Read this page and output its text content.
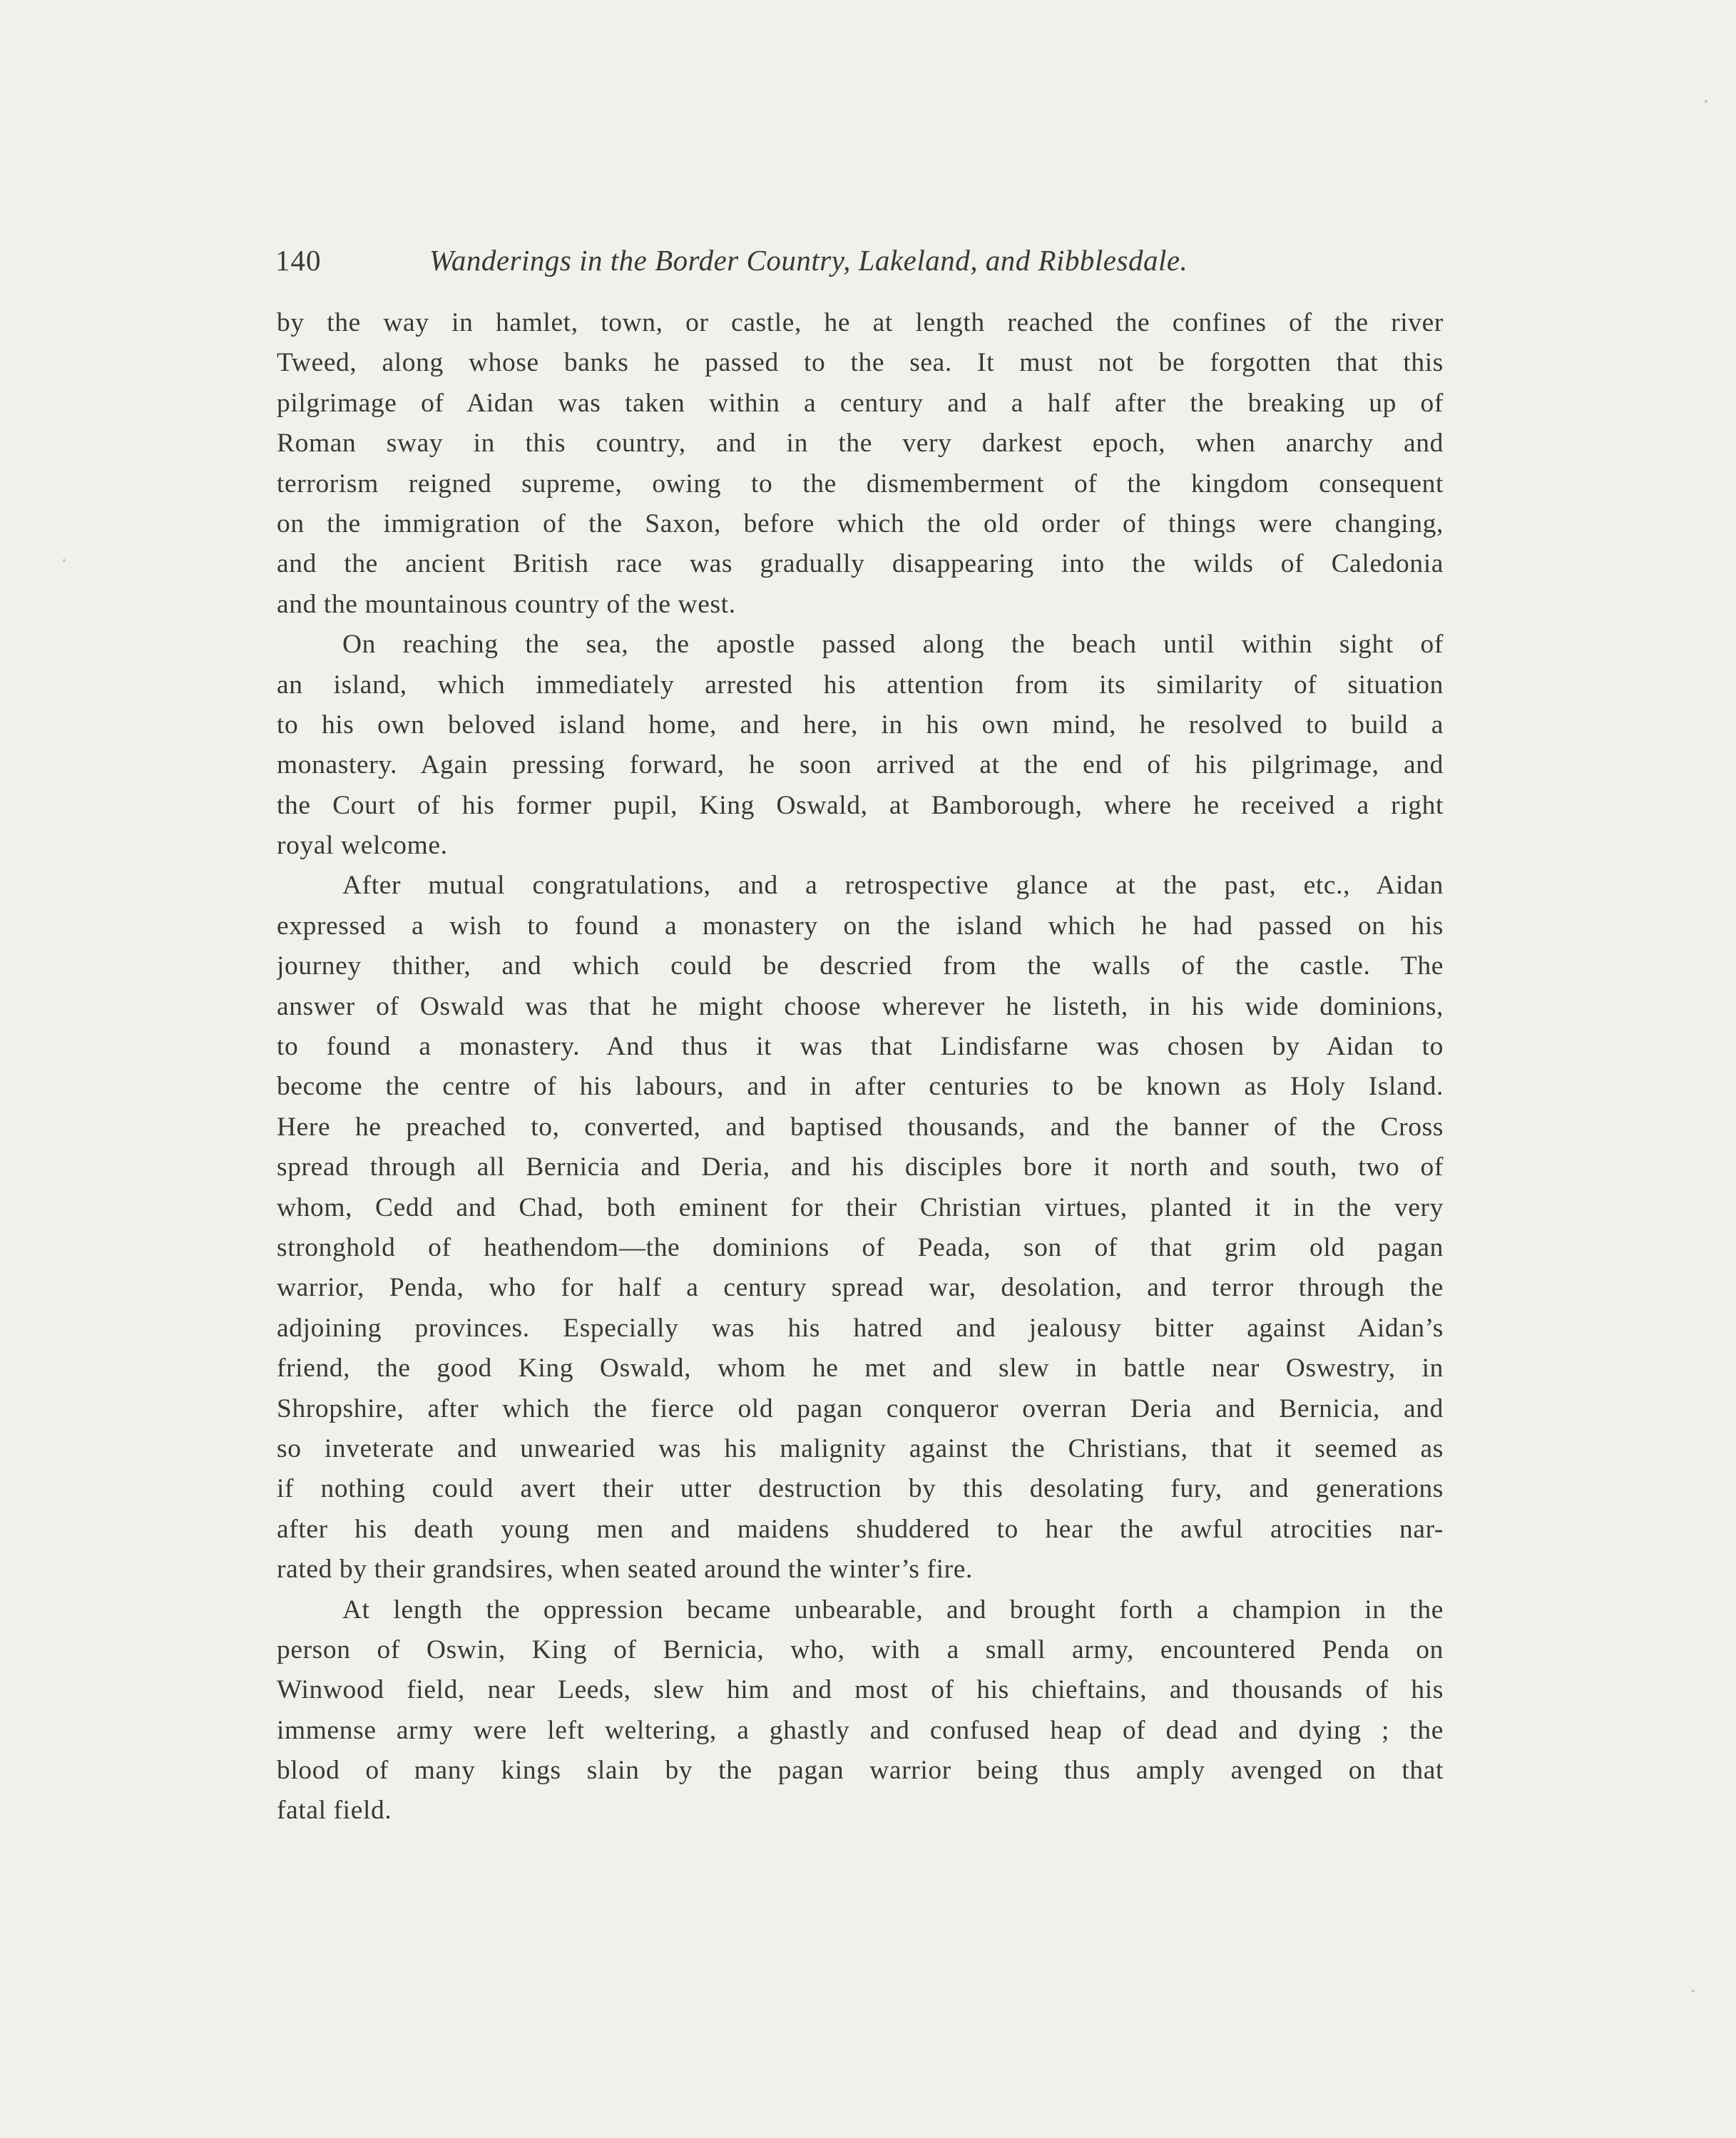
140	Wanderings in the Border Country, Lakeland, and Ribblesdale.
by the way in hamlet, town, or castle, he at length reached the confines of the river
Tweed, along whose banks he passed to the sea. It must not be forgotten that this
pilgrimage of Aidan was taken within a century and a half after the breaking up of
Roman sway in this country, and in the very darkest epoch, when anarchy and
terrorism reigned supreme, owing to the dismemberment of the kingdom consequent
on the immigration of the Saxon, before which the old order of things were changing,
and the ancient British race was gradually disappearing into the wilds of Caledonia
and the mountainous country of the west.
On reaching the sea, the apostle passed along the beach until within sight of
an island, which immediately arrested his attention from its similarity of situation
to his own beloved island home, and here, in his own mind, he resolved to build a
monastery. Again pressing forward, he soon arrived at the end of his pilgrimage, and
the Court of his former pupil, King Oswald, at Bamborough, where he received a right
royal welcome.
After mutual congratulations, and a retrospective glance at the past, etc., Aidan
expressed a wish to found a monastery on the island which he had passed on his
journey thither, and which could be descried from the walls of the castle. The
answer of Oswald was that he might choose wherever he listeth, in his wide dominions,
to found a monastery. And thus it was that Lindisfarne was chosen by Aidan to
become the centre of his labours, and in after centuries to be known as Holy Island.
Here he preached to, converted, and baptised thousands, and the banner of the Cross
spread through all Bernicia and Deria, and his disciples bore it north and south, two of
whom, Cedd and Chad, both eminent for their Christian virtues, planted it in the very
stronghold of heathendom—the dominions of Peada, son of that grim old pagan
warrior, Penda, who for half a century spread war, desolation, and terror through the
adjoining provinces. Especially was his hatred and jealousy bitter against Aidan’s
friend, the good King Oswald, whom he met and slew in battle near Oswestry, in
Shropshire, after which the fierce old pagan conqueror overran Deria and Bernicia, and
so inveterate and unwearied was his malignity against the Christians, that it seemed as
if nothing could avert their utter destruction by this desolating fury, and generations
after his death young men and maidens shuddered to hear the awful atrocities nar-
rated by their grandsires, when seated around the winter’s fire.
At length the oppression became unbearable, and brought forth a champion in the
person of Oswin, King of Bernicia, who, with a small army, encountered Penda on
Winwood field, near Leeds, slew him and most of his chieftains, and thousands of his
immense army were left weltering, a ghastly and confused heap of dead and dying ; the
blood of many kings slain by the pagan warrior being thus amply avenged on that
fatal field.
